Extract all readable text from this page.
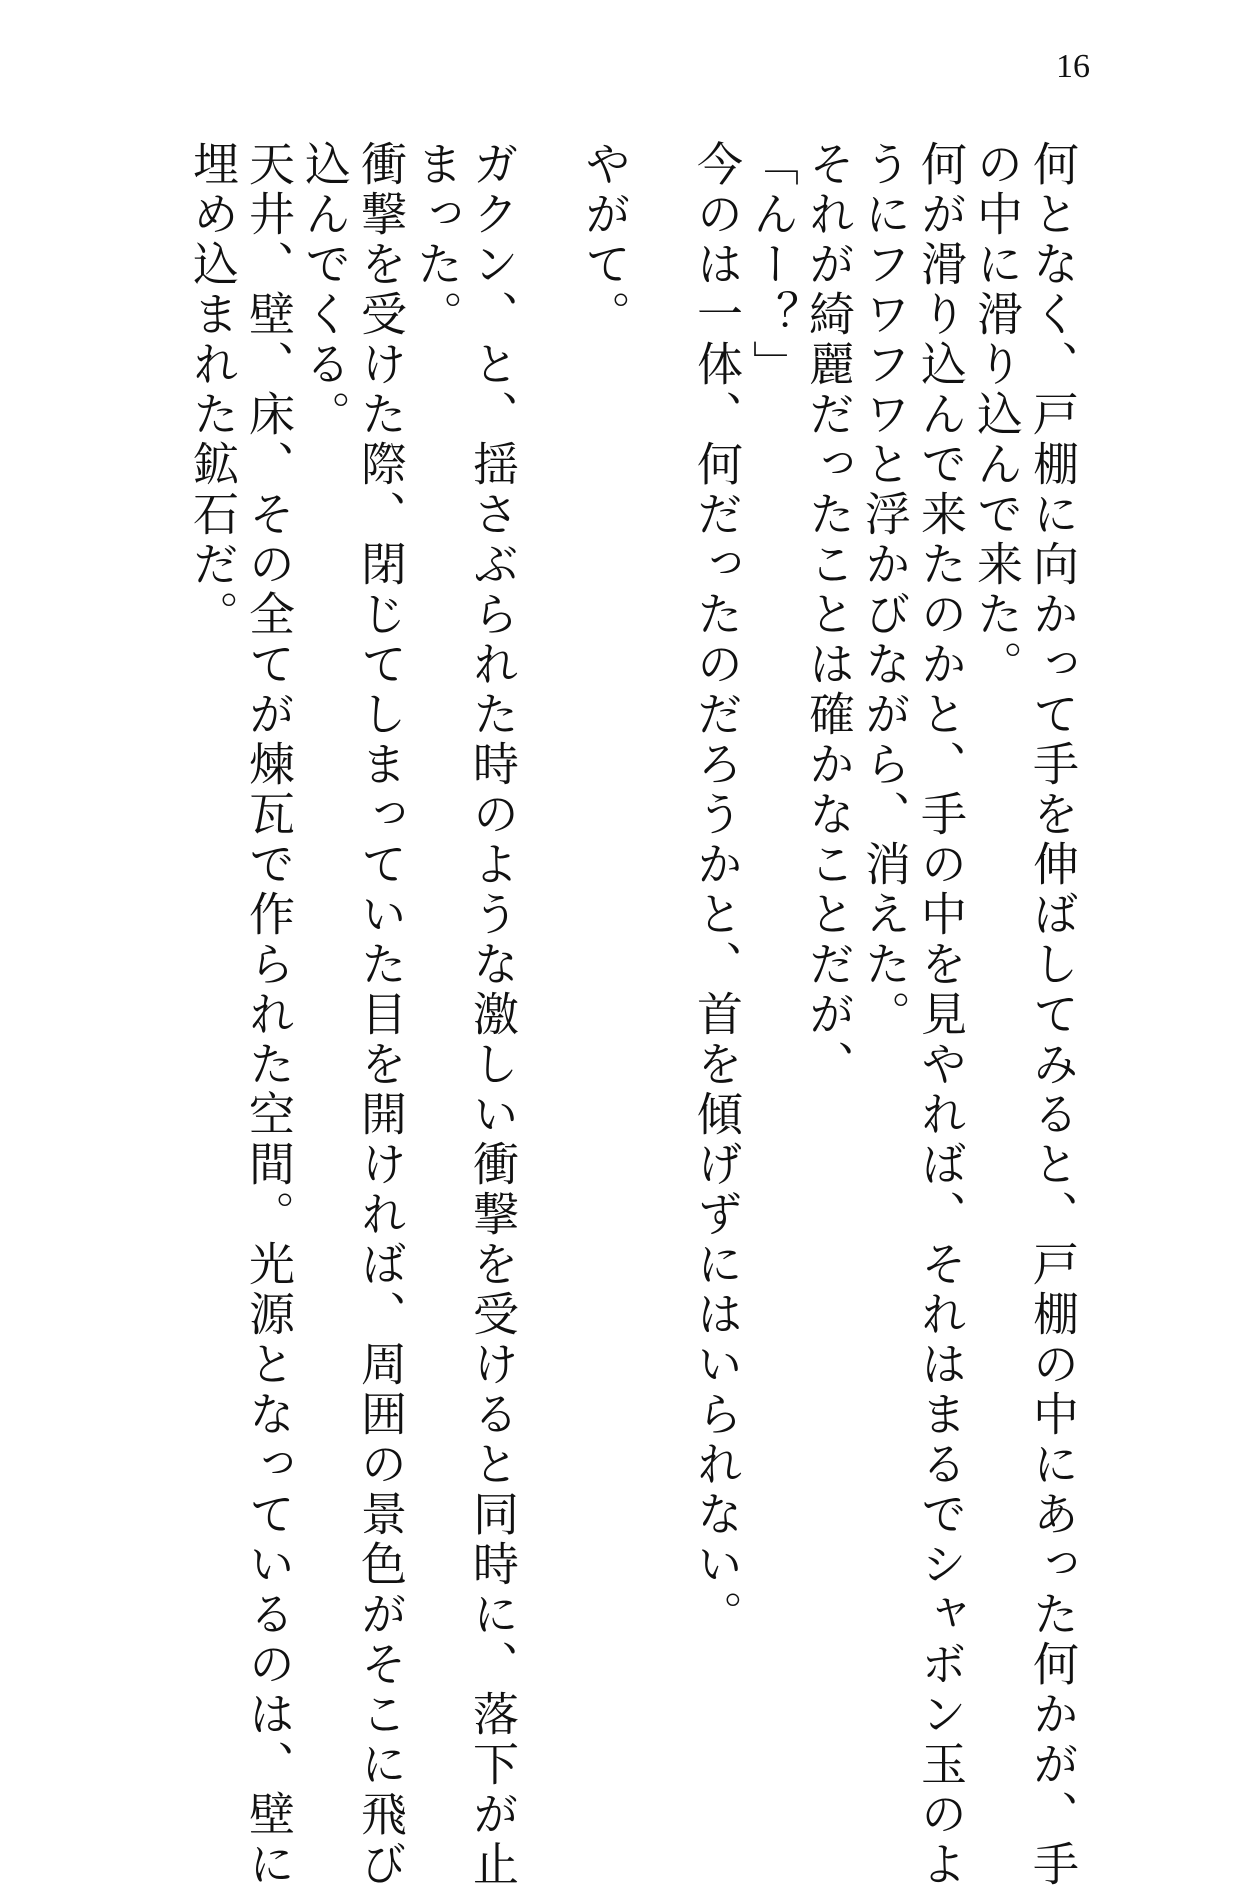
16

何となく、戸棚に向かって手を伸ばしてみると、戸棚の中にあった何かが、手

の中に滑り込んで来た。

何が滑り込んで来たのかと、手の中を見やれば、それはまるでシャボン玉のよ

うにフワフワと浮かびながら、消えた。

それが綺麗だったことは確かなことだが、

「んー？」

今のは一体、何だったのだろうかと、首を傾げずにはいられない。

やがて。

ガクン、と、揺さぶられた時のような激しい衝撃を受けると同時に、落下が止

まった。

衝撃を受けた際、閉じてしまっていた目を開ければ、周囲の景色がそこに飛び

込んでくる。

天井、壁、床、その全てが煉瓦で作られた空間。光源となっているのは、壁に

埋め込まれた鉱石だ。
